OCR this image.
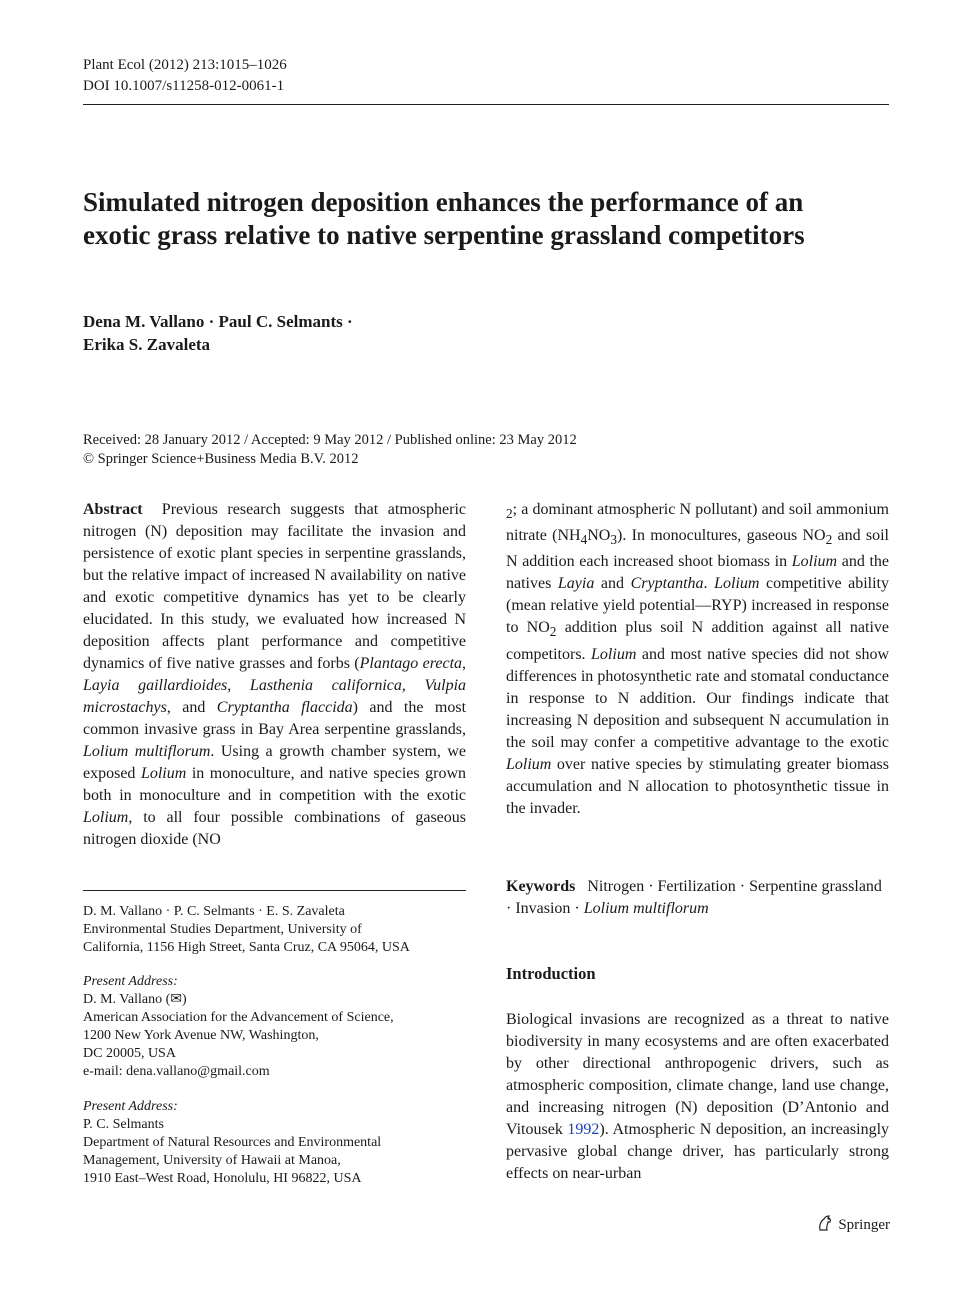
Plant Ecol (2012) 213:1015–1026
DOI 10.1007/s11258-012-0061-1
Simulated nitrogen deposition enhances the performance of an exotic grass relative to native serpentine grassland competitors
Dena M. Vallano · Paul C. Selmants ·
Erika S. Zavaleta
Received: 28 January 2012 / Accepted: 9 May 2012 / Published online: 23 May 2012
© Springer Science+Business Media B.V. 2012

Abstract Previous research suggests that atmospheric nitrogen (N) deposition may facilitate the invasion and persistence of exotic plant species in serpentine grasslands, but the relative impact of increased N availability on native and exotic competitive dynamics has yet to be clearly elucidated. In this study, we evaluated how increased N deposition affects plant performance and competitive dynamics of five native grasses and forbs (Plantago erecta, Layia gaillardioides, Lasthenia californica, Vulpia microstachys, and Cryptantha flaccida) and the most common invasive grass in Bay Area serpentine grasslands, Lolium multiflorum. Using a growth chamber system, we exposed Lolium in monoculture, and native species grown both in monoculture and in competition with the exotic Lolium, to all four possible combinations of gaseous nitrogen dioxide (NO

$_2$; a dominant atmospheric N pollutant) and soil ammonium nitrate $(NH_4NO_3)$. In monocultures, gaseous $NO_2$ and soil N addition each increased shoot biomass in Lolium and the natives Layia and Cryptantha. Lolium competitive ability (mean relative yield potential—RYP) increased in response to $NO_2$ addition plus soil N addition against all native competitors. Lolium and most native species did not show differences in photosynthetic rate and stomatal conductance in response to N addition. Our findings indicate that increasing N deposition and subsequent N accumulation in the soil may confer a competitive advantage to the exotic Lolium over native species by stimulating greater biomass accumulation and N allocation to photosynthetic tissue in the invader.

Keywords Nitrogen · Fertilization · Serpentine grassland · Invasion · Lolium multiflorum
Introduction
Biological invasions are recognized as a threat to native biodiversity in many ecosystems and are often exacerbated by other directional anthropogenic drivers, such as atmospheric composition, climate change, land use change, and increasing nitrogen (N) deposition (D’Antonio and Vitousek 1992). Atmospheric N deposition, an increasingly pervasive global change driver, has particularly strong effects on near-urban
D. M. Vallano · P. C. Selmants · E. S. Zavaleta
Environmental Studies Department, University of
California, 1156 High Street, Santa Cruz, CA 95064, USA
Present Address:
D. M. Vallano (✉)
American Association for the Advancement of Science,
1200 New York Avenue NW, Washington,
DC 20005, USA
e-mail: dena.vallano@gmail.com
Present Address:
P. C. Selmants
Department of Natural Resources and Environmental
Management, University of Hawaii at Manoa,
1910 East–West Road, Honolulu, HI 96822, USA
Springer
